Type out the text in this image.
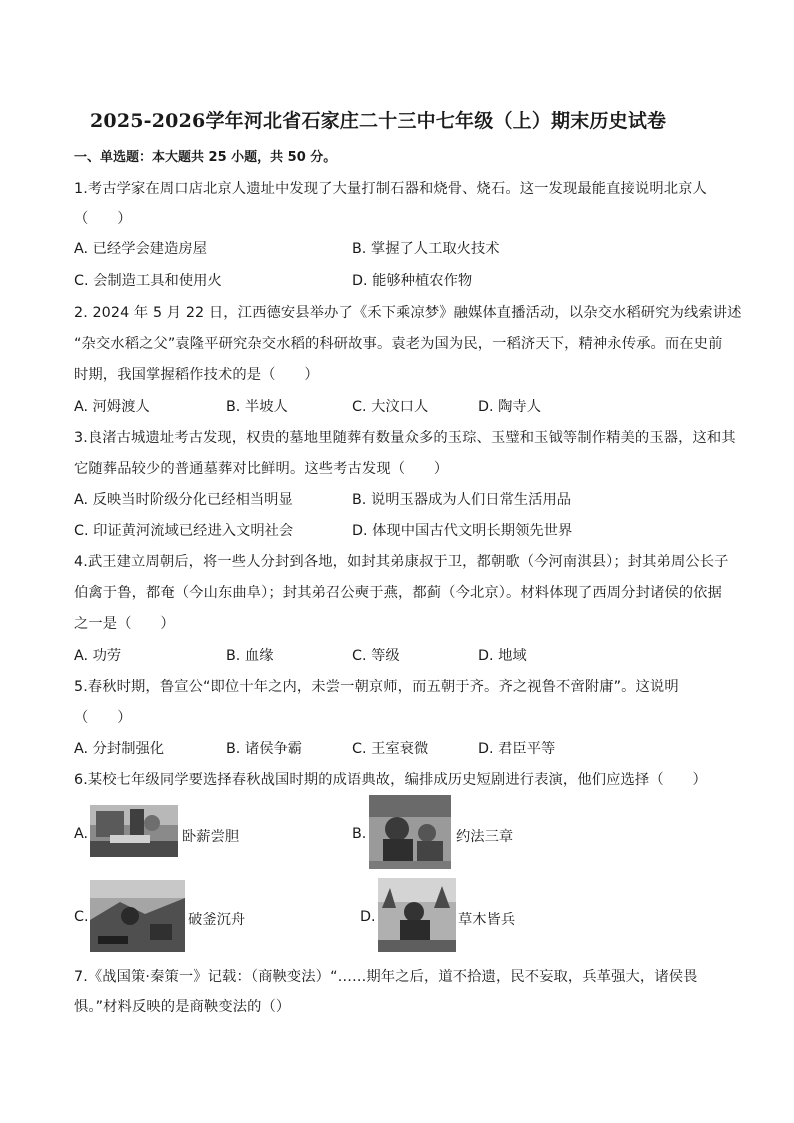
2025-2026学年河北省石家庄二十三中七年级（上）期末历史试卷
一、单选题：本大题共 25 小题，共 50 分。
1.考古学家在周口店北京人遗址中发现了大量打制石器和烧骨、烧石。这一发现最能直接说明北京人
（　　）
A. 已经学会建造房屋	B. 掌握了人工取火技术
C. 会制造工具和使用火	D. 能够种植农作物
2. 2024 年 5 月 22 日，江西德安县举办了《禾下乘凉梦》融媒体直播活动，以杂交水稻研究为线索讲述
“杂交水稻之父”袁隆平研究杂交水稻的科研故事。袁老为国为民，一稻济天下，精神永传承。而在史前
时期，我国掌握稻作技术的是（　　）
A. 河姆渡人	B. 半坡人	C. 大汶口人	D. 陶寺人
3.良渚古城遗址考古发现，权贵的墓地里随葬有数量众多的玉琮、玉璧和玉钺等制作精美的玉器，这和其
它随葬品较少的普通墓葬对比鲜明。这些考古发现（　　）
A. 反映当时阶级分化已经相当明显	B. 说明玉器成为人们日常生活用品
C. 印证黄河流域已经进入文明社会	D. 体现中国古代文明长期领先世界
4.武王建立周朝后，将一些人分封到各地，如封其弟康叔于卫，都朝歌（今河南淇县）；封其弟周公长子
伯禽于鲁，都奄（今山东曲阜）；封其弟召公奭于燕，都蓟（今北京）。材料体现了西周分封诸侯的依据
之一是（　　）
A. 功劳	B. 血缘	C. 等级	D. 地域
5.春秋时期，鲁宣公“即位十年之内，未尝一朝京师，而五朝于齐。齐之视鲁不啻附庸”。这说明
（　　）
A. 分封制强化	B. 诸侯争霸	C. 王室衰微	D. 君臣平等
6.某校七年级同学要选择春秋战国时期的成语典故，编排成历史短剧进行表演，他们应选择（　　）
A.	卧薪尝胆	B.	约法三章
C.	破釜沉舟	D.	草木皆兵
7.《战国策·秦策一》记载：（商鞅变法）“……期年之后，道不拾遗，民不妄取，兵革强大，诸侯畏
惧。”材料反映的是商鞅变法的（）
